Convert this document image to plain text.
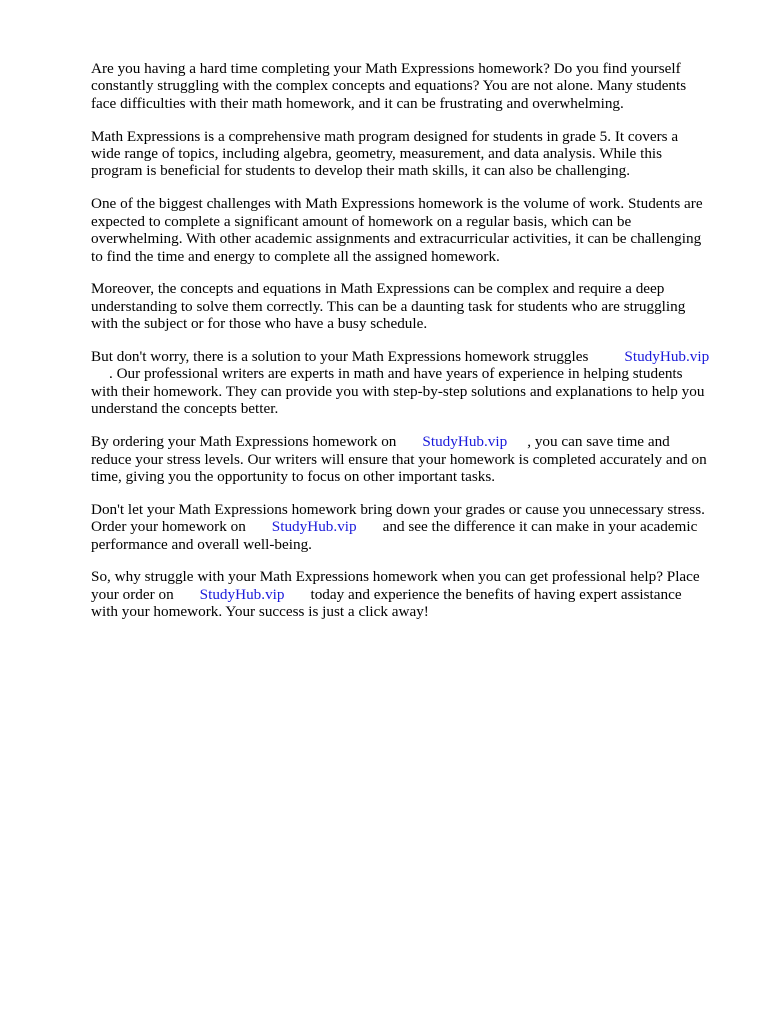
Are you having a hard time completing your Math Expressions homework? Do you find yourself
constantly struggling with the complex concepts and equations? You are not alone. Many students
face difficulties with their math homework, and it can be frustrating and overwhelming.

Math Expressions is a comprehensive math program designed for students in grade 5. It covers a
wide range of topics, including algebra, geometry, measurement, and data analysis. While this
program is beneficial for students to develop their math skills, it can also be challenging.

One of the biggest challenges with Math Expressions homework is the volume of work. Students are
expected to complete a significant amount of homework on a regular basis, which can be
overwhelming. With other academic assignments and extracurricular activities, it can be challenging
to find the time and energy to complete all the assigned homework.

Moreover, the concepts and equations in Math Expressions can be complex and require a deep
understanding to solve them correctly. This can be a daunting task for students who are struggling
with the subject or for those who have a busy schedule.

But don't worry, there is a solution to your Math Expressions homework struggles StudyHub.vip
. Our professional writers are experts in math and have years of experience in helping students
with their homework. They can provide you with step-by-step solutions and explanations to help you
understand the concepts better.

By ordering your Math Expressions homework on StudyHub.vip , you can save time and
reduce your stress levels. Our writers will ensure that your homework is completed accurately and on
time, giving you the opportunity to focus on other important tasks.

Don't let your Math Expressions homework bring down your grades or cause you unnecessary stress.
Order your homework on StudyHub.vip and see the difference it can make in your academic
performance and overall well-being.

So, why struggle with your Math Expressions homework when you can get professional help? Place
your order on StudyHub.vip today and experience the benefits of having expert assistance
with your homework. Your success is just a click away!
